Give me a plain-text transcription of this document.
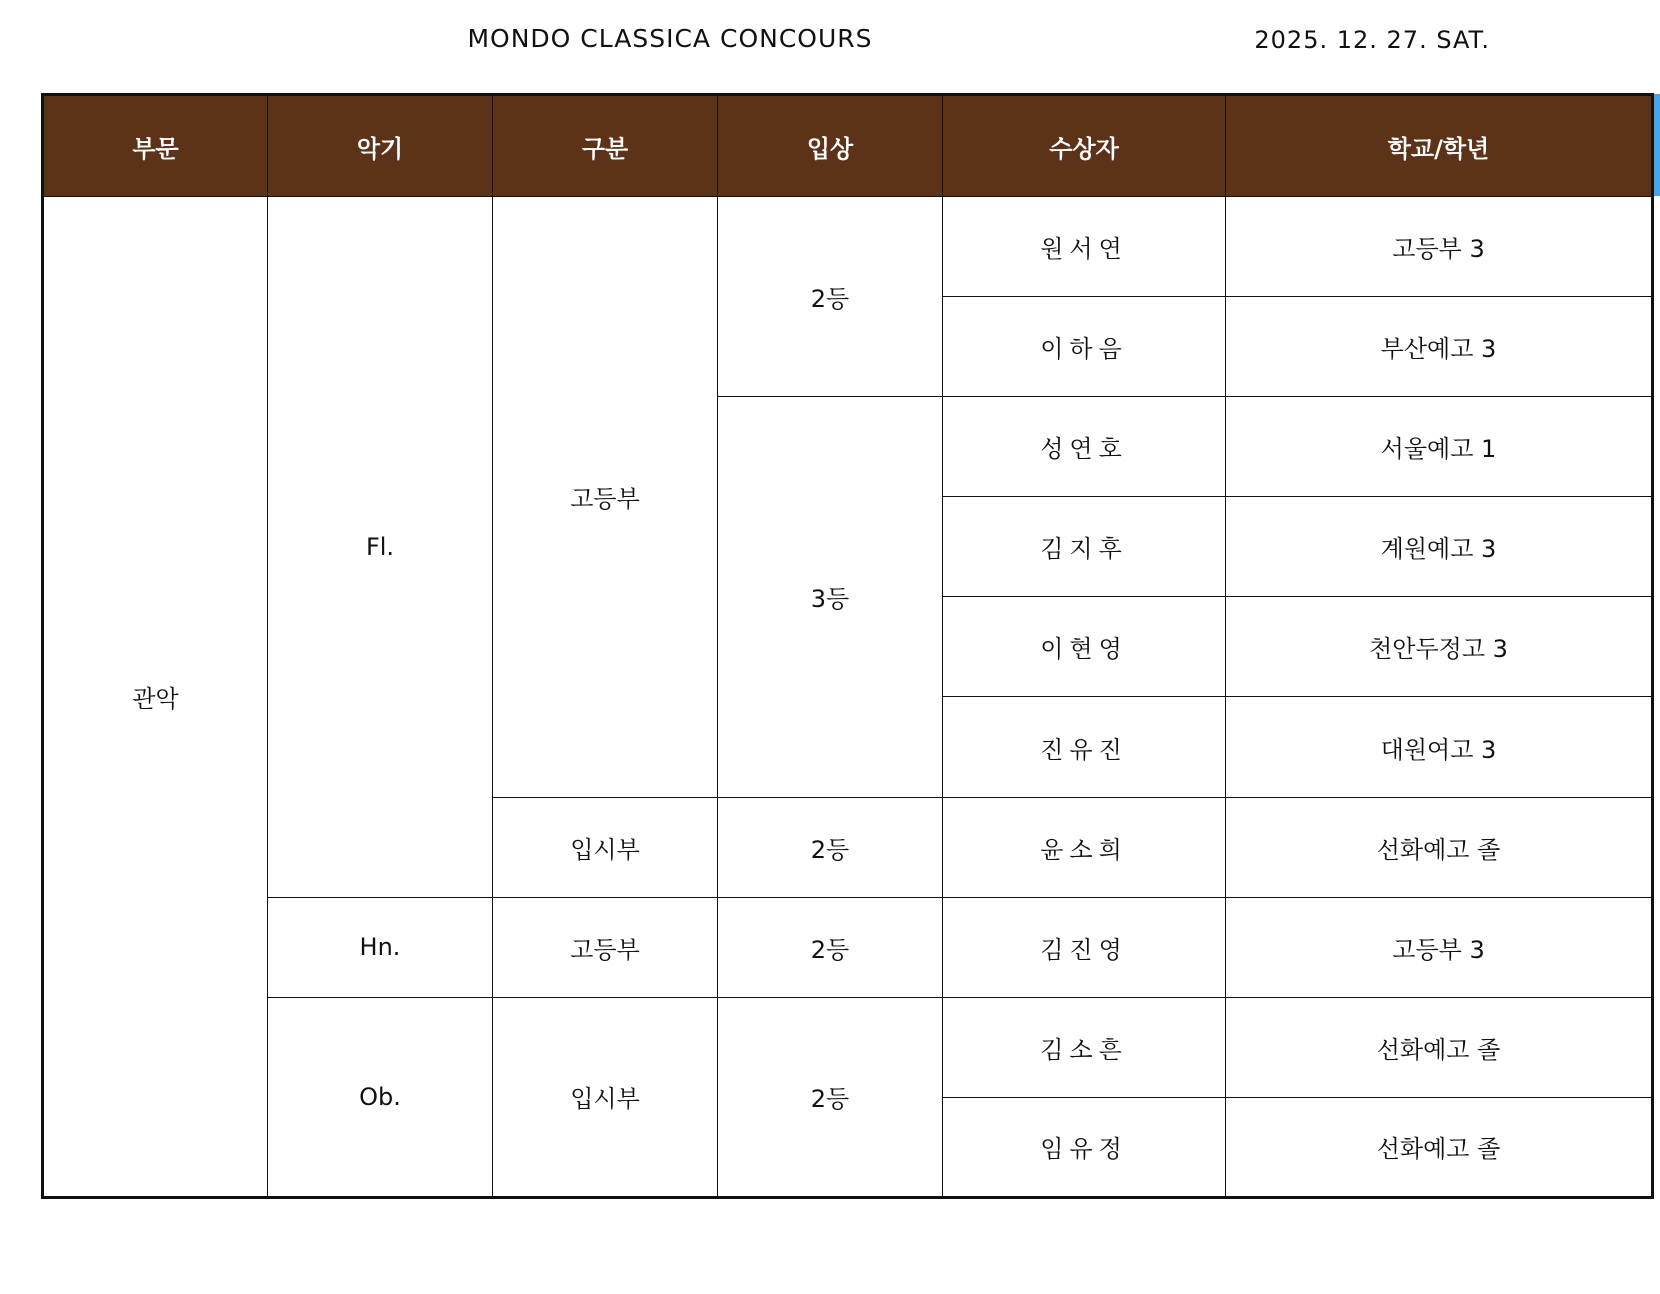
MONDO CLASSICA CONCOURS	2025. 12. 27. SAT.
부문	악기	구분	입상	수상자	학교/학년
관악	Fl.	고등부	2등	원서연	고등부 3
				이하음	부산예고 3
			3등	성연호	서울예고 1
				김지후	계원예고 3
				이현영	천안두정고 3
				진유진	대원여고 3
		입시부	2등	윤소희	선화예고 졸
	Hn.	고등부	2등	김진영	고등부 3
	Ob.	입시부	2등	김소흔	선화예고 졸
				임유정	선화예고 졸
